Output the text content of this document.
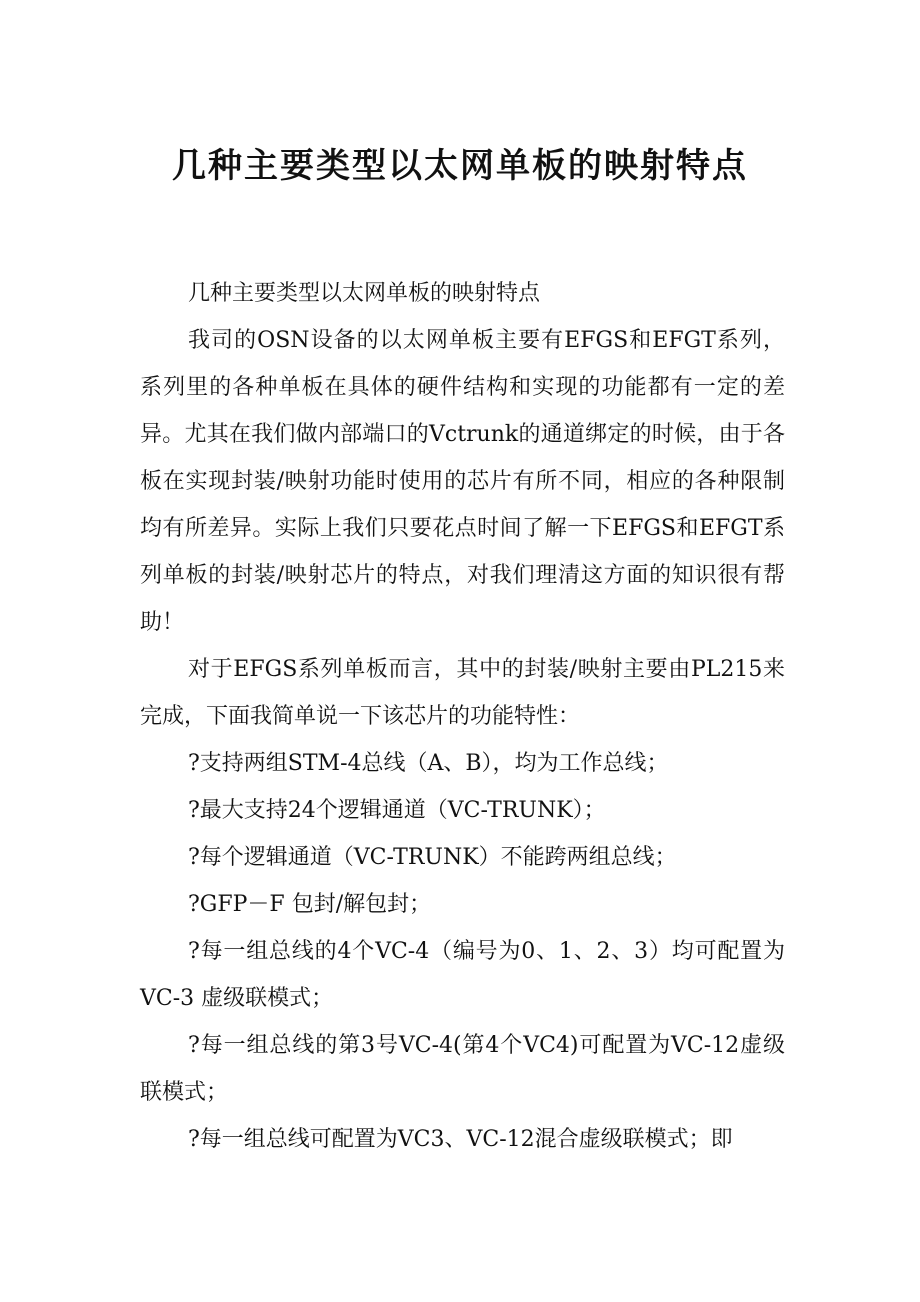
几种主要类型以太网单板的映射特点

几种主要类型以太网单板的映射特点

我司的OSN设备的以太网单板主要有EFGS和EFGT系列，系列里的各种单板在具体的硬件结构和实现的功能都有一定的差异。尤其在我们做内部端口的Vctrunk的通道绑定的时候，由于各板在实现封装/映射功能时使用的芯片有所不同，相应的各种限制均有所差异。实际上我们只要花点时间了解一下EFGS和EFGT系列单板的封装/映射芯片的特点，对我们理清这方面的知识很有帮助！

对于EFGS系列单板而言，其中的封装/映射主要由PL215来完成，下面我简单说一下该芯片的功能特性：

?支持两组STM-4总线（A、B），均为工作总线；

?最大支持24个逻辑通道（VC-TRUNK）；

?每个逻辑通道（VC-TRUNK）不能跨两组总线；

?GFP－F 包封/解包封；

?每一组总线的4个VC-4（编号为0、1、2、3）均可配置为VC-3 虚级联模式；

?每一组总线的第3号VC-4(第4个VC4)可配置为VC-12虚级联模式；

?每一组总线可配置为VC3、VC-12混合虚级联模式；即
